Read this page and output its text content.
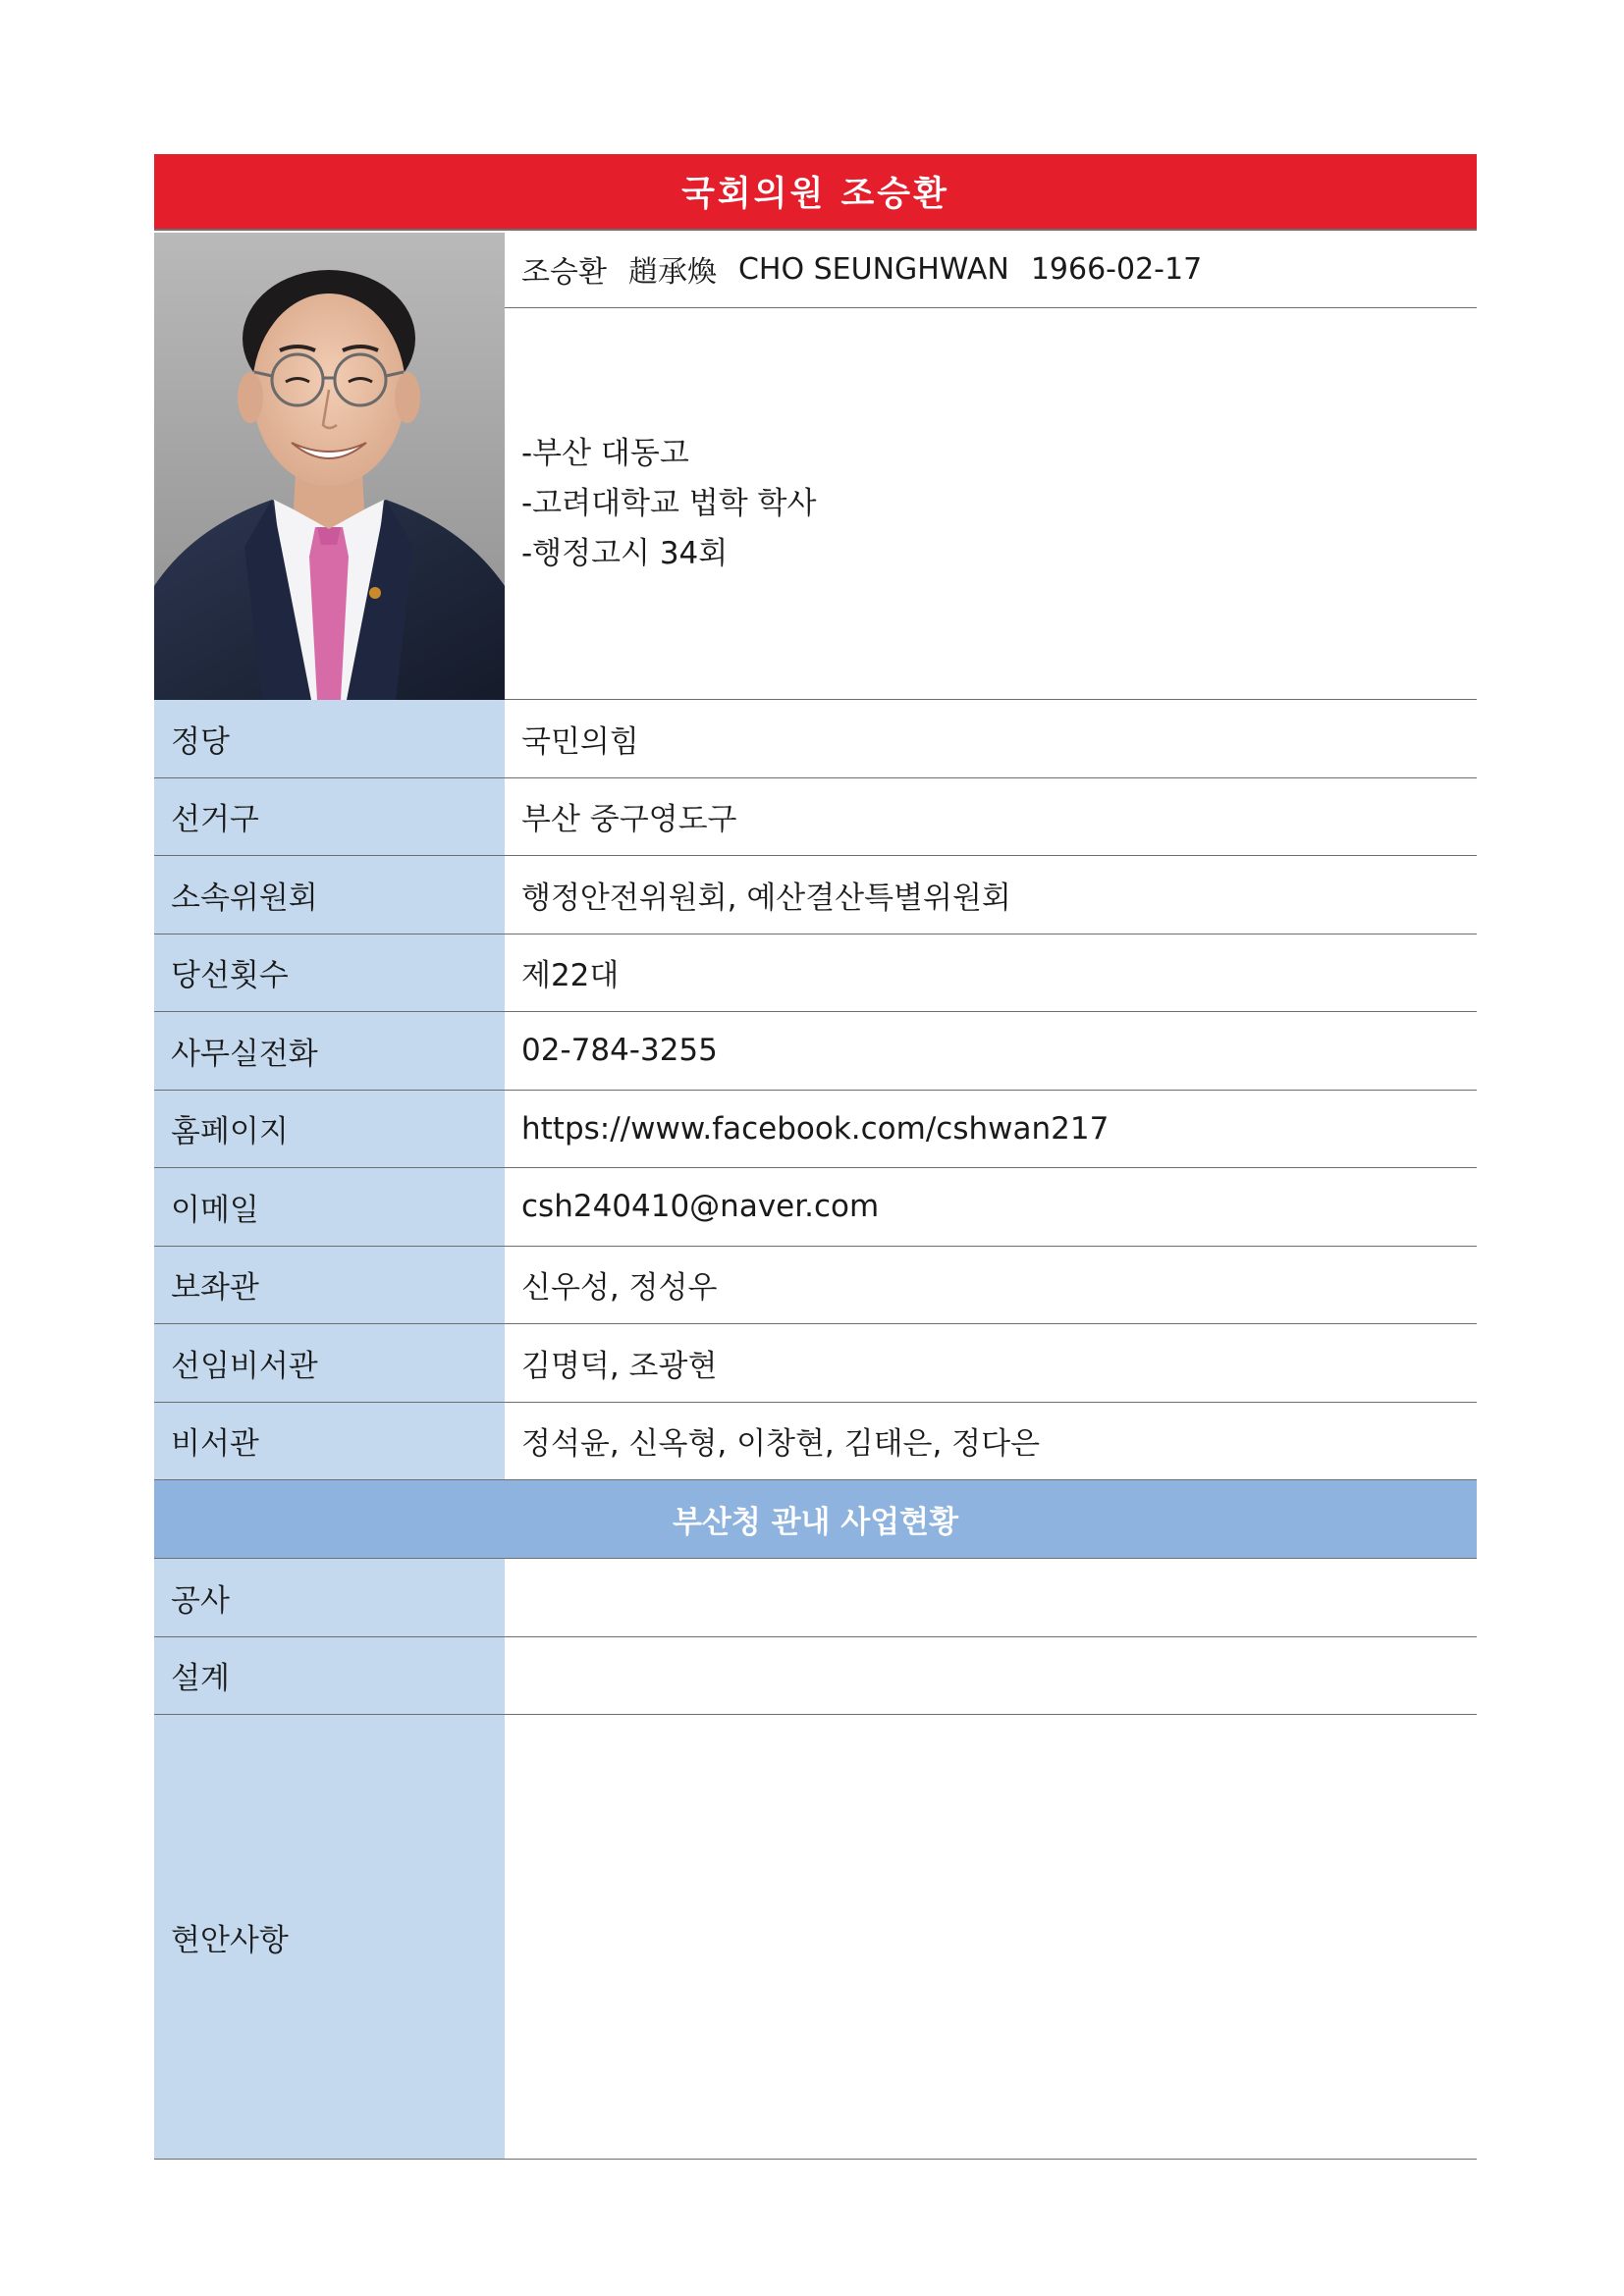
국회의원 조승환
조승환 趙承煥 CHO SEUNGHWAN 1966-02-17
-부산 대동고
-고려대학교 법학 학사
-행정고시 34회
정당	국민의힘
선거구	부산 중구영도구
소속위원회	행정안전위원회, 예산결산특별위원회
당선횟수	제22대
사무실전화	02-784-3255
홈페이지	https://www.facebook.com/cshwan217
이메일	csh240410@naver.com
보좌관	신우성, 정성우
선임비서관	김명덕, 조광현
비서관	정석윤, 신옥형, 이창현, 김태은, 정다은
부산청 관내 사업현황
공사
설계
현안사항
